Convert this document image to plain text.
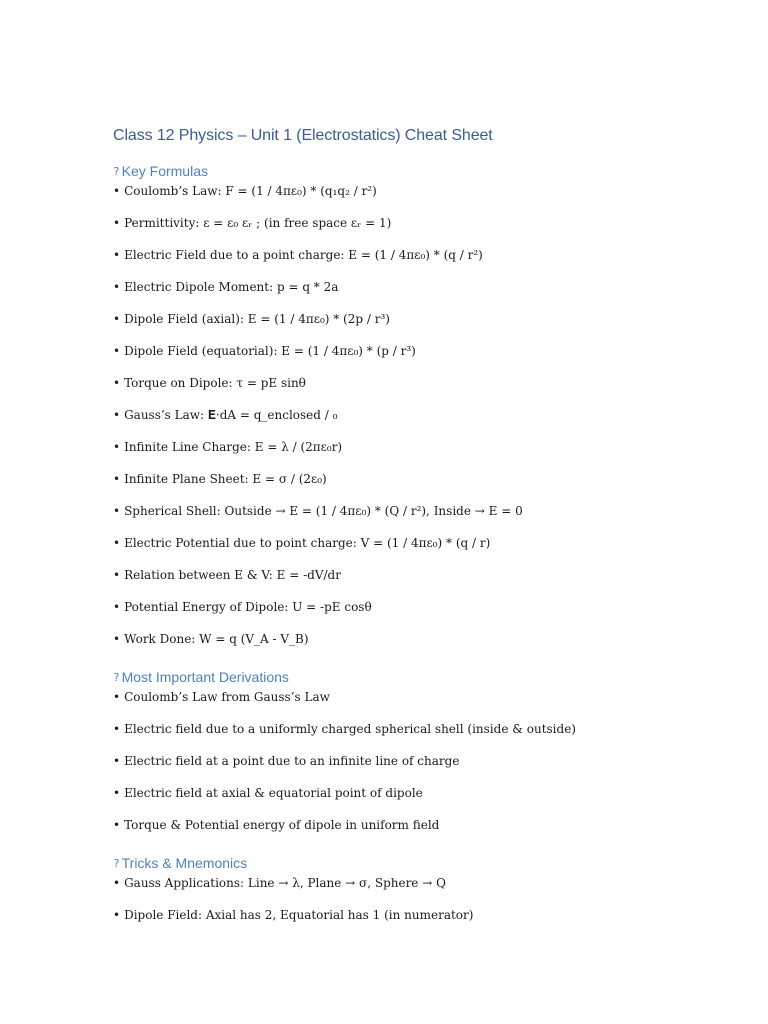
Class 12 Physics – Unit 1 (Electrostatics) Cheat Sheet
? Key Formulas
• Coulomb’s Law: F = (1 / 4πε₀) * (q₁q₂ / r²)
• Permittivity: ε = ε₀ εᵣ ; (in free space εᵣ = 1)
• Electric Field due to a point charge: E = (1 / 4πε₀) * (q / r²)
• Electric Dipole Moment: p = q * 2a
• Dipole Field (axial): E = (1 / 4πε₀) * (2p / r³)
• Dipole Field (equatorial): E = (1 / 4πε₀) * (p / r³)
• Torque on Dipole: τ = pE sinθ
• Gauss’s Law: 𝐄·dA = q_enclosed / ₀
• Infinite Line Charge: E = λ / (2πε₀r)
• Infinite Plane Sheet: E = σ / (2ε₀)
• Spherical Shell: Outside → E = (1 / 4πε₀) * (Q / r²), Inside → E = 0
• Electric Potential due to point charge: V = (1 / 4πε₀) * (q / r)
• Relation between E & V: E = -dV/dr
• Potential Energy of Dipole: U = -pE cosθ
• Work Done: W = q (V_A - V_B)
? Most Important Derivations
• Coulomb’s Law from Gauss’s Law
• Electric field due to a uniformly charged spherical shell (inside & outside)
• Electric field at a point due to an infinite line of charge
• Electric field at axial & equatorial point of dipole
• Torque & Potential energy of dipole in uniform field
? Tricks & Mnemonics
• Gauss Applications: Line → λ, Plane → σ, Sphere → Q
• Dipole Field: Axial has 2, Equatorial has 1 (in numerator)
